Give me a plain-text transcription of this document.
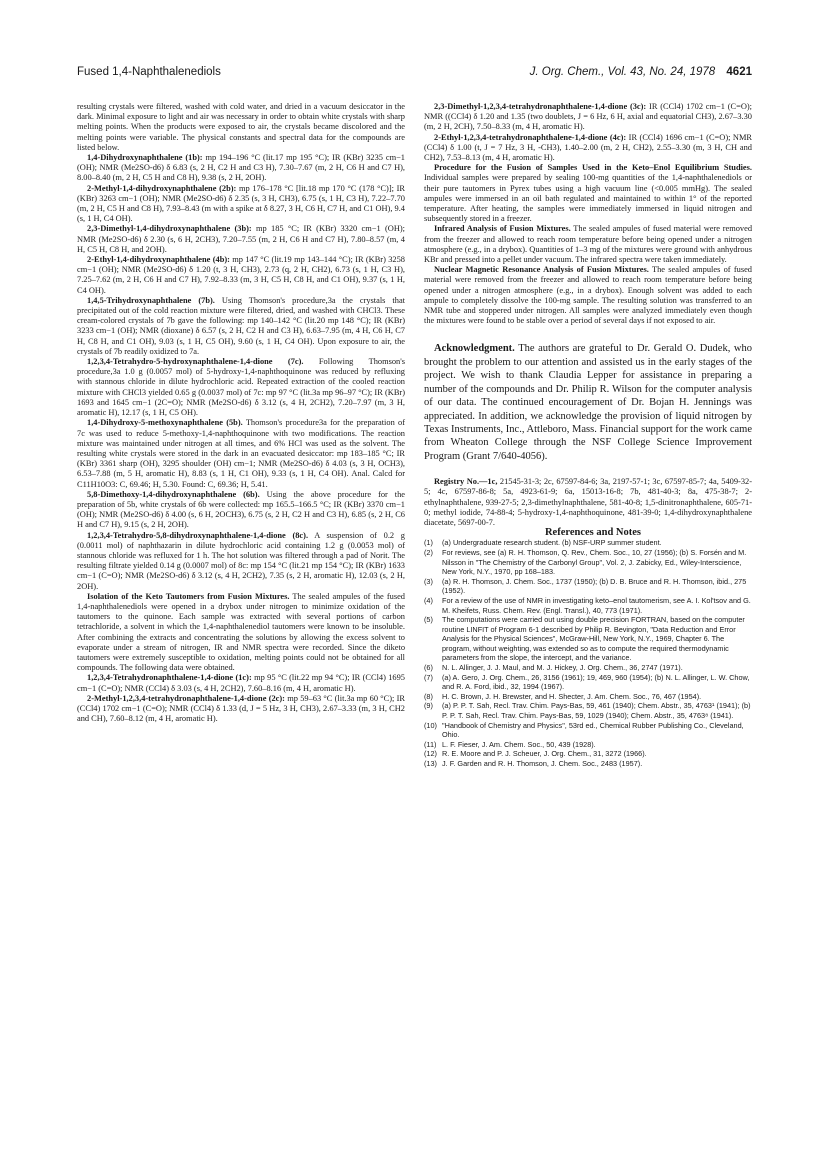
Fused 1,4-Naphthalenediols	J. Org. Chem., Vol. 43, No. 24, 1978 4621

resulting crystals were filtered, washed with cold water, and dried in a vacuum desiccator in the dark. Minimal exposure to light and air was necessary in order to obtain white crystals with sharp melting points. When the products were exposed to air, the crystals became discolored and the melting points were variable. The physical constants and spectral data for the compounds are listed below.

1,4-Dihydroxynaphthalene (1b): mp 194–196 °C (lit.17 mp 195 °C); IR (KBr) 3235 cm−1 (OH); NMR (Me2SO-d6) δ 6.83 (s, 2 H, C2 H and C3 H), 7.30–7.67 (m, 2 H, C6 H and C7 H), 8.00–8.40 (m, 2 H, C5 H and C8 H), 9.38 (s, 2 H, 2OH).

2-Methyl-1,4-dihydroxynaphthalene (2b): mp 176–178 °C [lit.18 mp 170 °C (178 °C)]; IR (KBr) 3263 cm−1 (OH); NMR (Me2SO-d6) δ 2.35 (s, 3 H, CH3), 6.75 (s, 1 H, C3 H), 7.22–7.70 (m, 2 H, C5 H and C8 H), 7.93–8.43 (m with a spike at δ 8.27, 3 H, C6 H, C7 H, and C1 OH), 9.4 (s, 1 H, C4 OH).

2,3-Dimethyl-1,4-dihydroxynaphthalene (3b): mp 185 °C; IR (KBr) 3320 cm−1 (OH); NMR (Me2SO-d6) δ 2.30 (s, 6 H, 2CH3), 7.20–7.55 (m, 2 H, C6 H and C7 H), 7.80–8.57 (m, 4 H, C5 H, C8 H, and 2OH).

2-Ethyl-1,4-dihydroxynaphthalene (4b): mp 147 °C (lit.19 mp 143–144 °C); IR (KBr) 3258 cm−1 (OH); NMR (Me2SO-d6) δ 1.20 (t, 3 H, CH3), 2.73 (q, 2 H, CH2), 6.73 (s, 1 H, C3 H), 7.25–7.62 (m, 2 H, C6 H and C7 H), 7.92–8.33 (m, 3 H, C5 H, C8 H, and C1 OH), 9.37 (s, 1 H, C4 OH).

1,4,5-Trihydroxynaphthalene (7b). Using Thomson's procedure,3a the crystals that precipitated out of the cold reaction mixture were filtered, dried, and washed with CHCl3. These cream-colored crystals of 7b gave the following: mp 140–142 °C (lit.20 mp 148 °C); IR (KBr) 3233 cm−1 (OH); NMR (dioxane) δ 6.57 (s, 2 H, C2 H and C3 H), 6.63–7.95 (m, 4 H, C6 H, C7 H, C8 H, and C1 OH), 9.03 (s, 1 H, C5 OH), 9.60 (s, 1 H, C4 OH). Upon exposure to air, the crystals of 7b readily oxidized to 7a.

1,2,3,4-Tetrahydro-5-hydroxynaphthalene-1,4-dione (7c). Following Thomson's procedure,3a 1.0 g (0.0057 mol) of 5-hydroxy-1,4-naphthoquinone was reduced by refluxing with stannous chloride in dilute hydrochloric acid. Repeated extraction of the cooled reaction mixture with CHCl3 yielded 0.65 g (0.0037 mol) of 7c: mp 97 °C (lit.3a mp 96–97 °C); IR (KBr) 1693 and 1645 cm−1 (2C=O); NMR (Me2SO-d6) δ 3.12 (s, 4 H, 2CH2), 7.20–7.97 (m, 3 H, aromatic H), 12.17 (s, 1 H, C5 OH).

1,4-Dihydroxy-5-methoxynaphthalene (5b). Thomson's procedure3a for the preparation of 7c was used to reduce 5-methoxy-1,4-naphthoquinone with two modifications. The reaction mixture was maintained under nitrogen at all times, and 6% HCl was used as the solvent. The resulting white crystals were stored in the dark in an evacuated desiccator: mp 183–185 °C; IR (KBr) 3361 sharp (OH), 3295 shoulder (OH) cm−1; NMR (Me2SO-d6) δ 4.03 (s, 3 H, OCH3), 6.53–7.88 (m, 5 H, aromatic H), 8.83 (s, 1 H, C1 OH), 9.33 (s, 1 H, C4 OH). Anal. Calcd for C11H10O3: C, 69.46; H, 5.30. Found: C, 69.36; H, 5.41.

5,8-Dimethoxy-1,4-dihydroxynaphthalene (6b). Using the above procedure for the preparation of 5b, white crystals of 6b were collected: mp 165.5–166.5 °C; IR (KBr) 3370 cm−1 (OH); NMR (Me2SO-d6) δ 4.00 (s, 6 H, 2OCH3), 6.75 (s, 2 H, C2 H and C3 H), 6.85 (s, 2 H, C6 H and C7 H), 9.15 (s, 2 H, 2OH).

1,2,3,4-Tetrahydro-5,8-dihydroxynaphthalene-1,4-dione (8c). A suspension of 0.2 g (0.0011 mol) of naphthazarin in dilute hydrochloric acid containing 1.2 g (0.0053 mol) of stannous chloride was refluxed for 1 h. The hot solution was filtered through a pad of Norit. The resulting filtrate yielded 0.14 g (0.0007 mol) of 8c: mp 154 °C (lit.21 mp 154 °C); IR (KBr) 1633 cm−1 (C=O); NMR (Me2SO-d6) δ 3.12 (s, 4 H, 2CH2), 7.35 (s, 2 H, aromatic H), 12.03 (s, 2 H, 2OH).

Isolation of the Keto Tautomers from Fusion Mixtures. The sealed ampules of the fused 1,4-naphthalenediols were opened in a drybox under nitrogen to minimize oxidation of the tautomers to the quinone. Each sample was extracted with several portions of carbon tetrachloride, a solvent in which the 1,4-naphthalenediol tautomers were known to be insoluble. After combining the extracts and concentrating the solutions by allowing the excess solvent to evaporate under a stream of nitrogen, IR and NMR spectra were recorded. Since the diketo tautomers were extremely susceptible to oxidation, melting points could not be obtained for all compounds. The following data were obtained.

1,2,3,4-Tetrahydronaphthalene-1,4-dione (1c): mp 95 °C (lit.22 mp 94 °C); IR (CCl4) 1695 cm−1 (C=O); NMR (CCl4) δ 3.03 (s, 4 H, 2CH2), 7.60–8.16 (m, 4 H, aromatic H).

2-Methyl-1,2,3,4-tetrahydronaphthalene-1,4-dione (2c): mp 59–63 °C (lit.3a mp 60 °C); IR (CCl4) 1702 cm−1 (C=O); NMR (CCl4) δ 1.33 (d, J = 5 Hz, 3 H, CH3), 2.67–3.33 (m, 3 H, CH2 and CH), 7.60–8.12 (m, 4 H, aromatic H).

2,3-Dimethyl-1,2,3,4-tetrahydronaphthalene-1,4-dione (3c): IR (CCl4) 1702 cm−1 (C=O); NMR ((CCl4) δ 1.20 and 1.35 (two doublets, J = 6 Hz, 6 H, axial and equatorial CH3), 2.67–3.30 (m, 2 H, 2CH), 7.50–8.33 (m, 4 H, aromatic H).

2-Ethyl-1,2,3,4-tetrahydronaphthalene-1,4-dione (4c): IR (CCl4) 1696 cm−1 (C=O); NMR (CCl4) δ 1.00 (t, J = 7 Hz, 3 H, -CH3), 1.40–2.00 (m, 2 H, CH2), 2.55–3.30 (m, 3 H, CH and CH2), 7.53–8.13 (m, 4 H, aromatic H).

Procedure for the Fusion of Samples Used in the Keto–Enol Equilibrium Studies. Individual samples were prepared by sealing 100-mg quantities of the 1,4-naphthalenediols or their pure tautomers in Pyrex tubes using a high vacuum line (<0.005 mmHg). The sealed ampules were immersed in an oil bath regulated and maintained to within 1° of the reported temperature. After heating, the samples were immediately immersed in liquid nitrogen and subsequently stored in a freezer.

Infrared Analysis of Fusion Mixtures. The sealed ampules of fused material were removed from the freezer and allowed to reach room temperature before being opened under a nitrogen atmosphere (e.g., in a drybox). Quantities of 1–3 mg of the mixtures were ground with anhydrous KBr and pressed into a pellet under vacuum. The infrared spectra were taken immediately.

Nuclear Magnetic Resonance Analysis of Fusion Mixtures. The sealed ampules of fused material were removed from the freezer and allowed to reach room temperature before being opened under a nitrogen atmosphere (e.g., in a drybox). Enough solvent was added to each ampule to completely dissolve the 100-mg sample. The resulting solution was transferred to an NMR tube and stoppered under nitrogen. All samples were analyzed immediately even though the mixtures were found to be stable over a period of several days if not exposed to air.

Acknowledgment. The authors are grateful to Dr. Gerald O. Dudek, who brought the problem to our attention and assisted us in the early stages of the project. We wish to thank Claudia Lepper for assistance in preparing a number of the compounds and Dr. Philip R. Wilson for the computer analysis of our data. The continued encouragement of Dr. Bojan H. Jennings was appreciated. In addition, we acknowledge the provision of liquid nitrogen by Texas Instruments, Inc., Attleboro, Mass. Financial support for the work came from Wheaton College through the NSF College Science Improvement Program (Grant 7/640-4056).

Registry No.—1c, 21545-31-3; 2c, 67597-84-6; 3a, 2197-57-1; 3c, 67597-85-7; 4a, 5409-32-5; 4c, 67597-86-8; 5a, 4923-61-9; 6a, 15013-16-8; 7b, 481-40-3; 8a, 475-38-7; 2-ethylnaphthalene, 939-27-5; 2,3-dimethylnaphthalene, 581-40-8; 1,5-dinitronaphthalene, 605-71-0; methyl iodide, 74-88-4; 5-hydroxy-1,4-naphthoquinone, 481-39-0; 1,4-dihydroxynaphthalene diacetate, 5697-00-7.

References and Notes

(1)	(a) Undergraduate research student. (b) NSF-URP summer student.
(2)	For reviews, see (a) R. H. Thomson, Q. Rev., Chem. Soc., 10, 27 (1956); (b) S. Forsén and M. Nilsson in "The Chemistry of the Carbonyl Group", Vol. 2, J. Zabicky, Ed., Wiley-Interscience, New York, N.Y., 1970, pp 168–183.
(3)	(a) R. H. Thomson, J. Chem. Soc., 1737 (1950); (b) D. B. Bruce and R. H. Thomson, ibid., 275 (1952).
(4)	For a review of the use of NMR in investigating keto–enol tautomerism, see A. I. Kol'tsov and G. M. Kheifets, Russ. Chem. Rev. (Engl. Transl.), 40, 773 (1971).
(5)	The computations were carried out using double precision FORTRAN, based on the computer routine LINFIT of Program 6-1 described by Philip R. Bevington, "Data Reduction and Error Analysis for the Physical Sciences", McGraw-Hill, New York, N.Y., 1969, Chapter 6. The program, without weighting, was extended so as to compute the required thermodynamic parameters from the slope, the intercept, and the variance.
(6)	N. L. Allinger, J. J. Maul, and M. J. Hickey, J. Org. Chem., 36, 2747 (1971).
(7)	(a) A. Gero, J. Org. Chem., 26, 3156 (1961); 19, 469, 960 (1954); (b) N. L. Allinger, L. W. Chow, and R. A. Ford, ibid., 32, 1994 (1967).
(8)	H. C. Brown, J. H. Brewster, and H. Shecter, J. Am. Chem. Soc., 76, 467 (1954).
(9)	(a) P. P. T. Sah, Recl. Trav. Chim. Pays-Bas, 59, 461 (1940); Chem. Abstr., 35, 4763¹ (1941); (b) P. P. T. Sah, Recl. Trav. Chim. Pays-Bas, 59, 1029 (1940); Chem. Abstr., 35, 4763⁸ (1941).
(10) "Handbook of Chemistry and Physics", 53rd ed., Chemical Rubber Publishing Co., Cleveland, Ohio.
(11) L. F. Fieser, J. Am. Chem. Soc., 50, 439 (1928).
(12) R. E. Moore and P. J. Scheuer, J. Org. Chem., 31, 3272 (1966).
(13) J. F. Garden and R. H. Thomson, J. Chem. Soc., 2483 (1957).
